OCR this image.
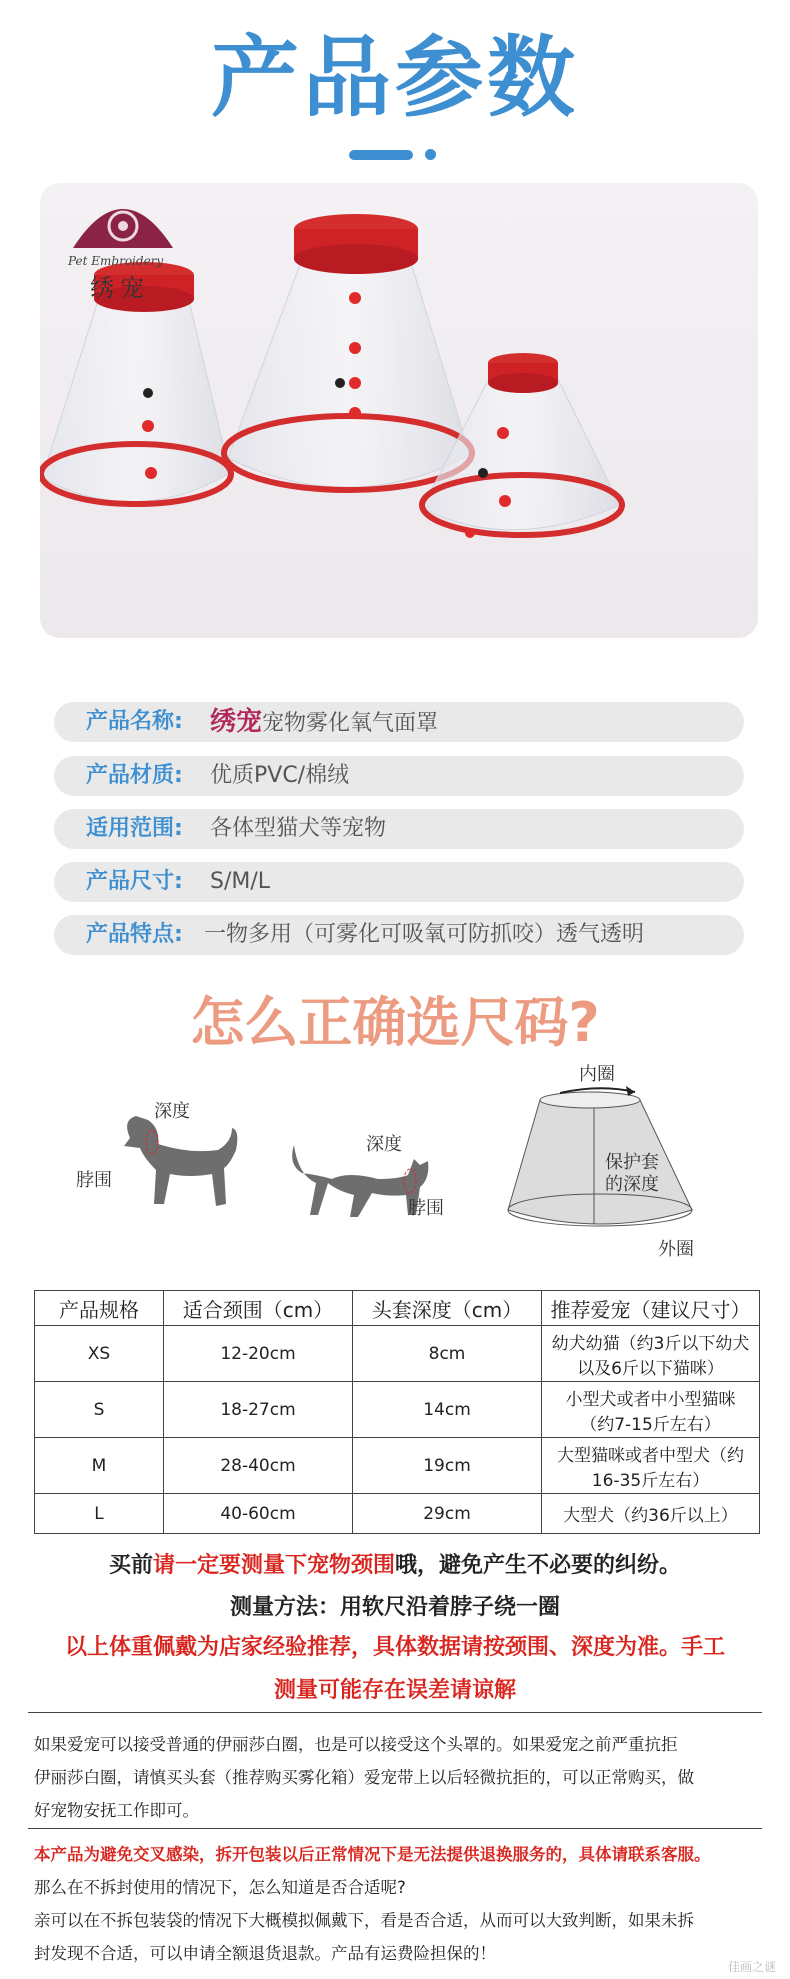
产品参数
Pet Embroidery
绣宠
产品名称: 绣宠宠物雾化氧气面罩
产品材质: 优质PVC/棉绒
适用范围: 各体型猫犬等宠物
产品尺寸: S/M/L
产品特点: 一物多用（可雾化可吸氧可防抓咬）透气透明
怎么正确选尺码?
深度
脖围
深度
脖围
内圈
保护套
的深度
外圈
产品规格	适合颈围（cm）	头套深度（cm）	推荐爱宠（建议尺寸）
XS	12-20cm	8cm	幼犬幼猫（约3斤以下幼犬
以及6斤以下猫咪）

S	18-27cm	14cm	小型犬或者中小型猫咪
（约7-15斤左右）

M	28-40cm	19cm	大型猫咪或者中型犬（约
16-35斤左右）

L	40-60cm	29cm	大型犬（约36斤以上）
买前请一定要测量下宠物颈围哦，避免产生不必要的纠纷。
测量方法：用软尺沿着脖子绕一圈
以上体重佩戴为店家经验推荐，具体数据请按颈围、深度为准。手工
测量可能存在误差请谅解
如果爱宠可以接受普通的伊丽莎白圈，也是可以接受这个头罩的。如果爱宠之前严重抗拒
伊丽莎白圈，请慎买头套（推荐购买雾化箱）爱宠带上以后轻微抗拒的，可以正常购买，做
好宠物安抚工作即可。
本产品为避免交叉感染，拆开包装以后正常情况下是无法提供退换服务的，具体请联系客服。
那么在不拆封使用的情况下，怎么知道是否合适呢?
亲可以在不拆包装袋的情况下大概模拟佩戴下，看是否合适，从而可以大致判断，如果未拆
封发现不合适，可以申请全额退货退款。产品有运费险担保的！
佳画之谜
